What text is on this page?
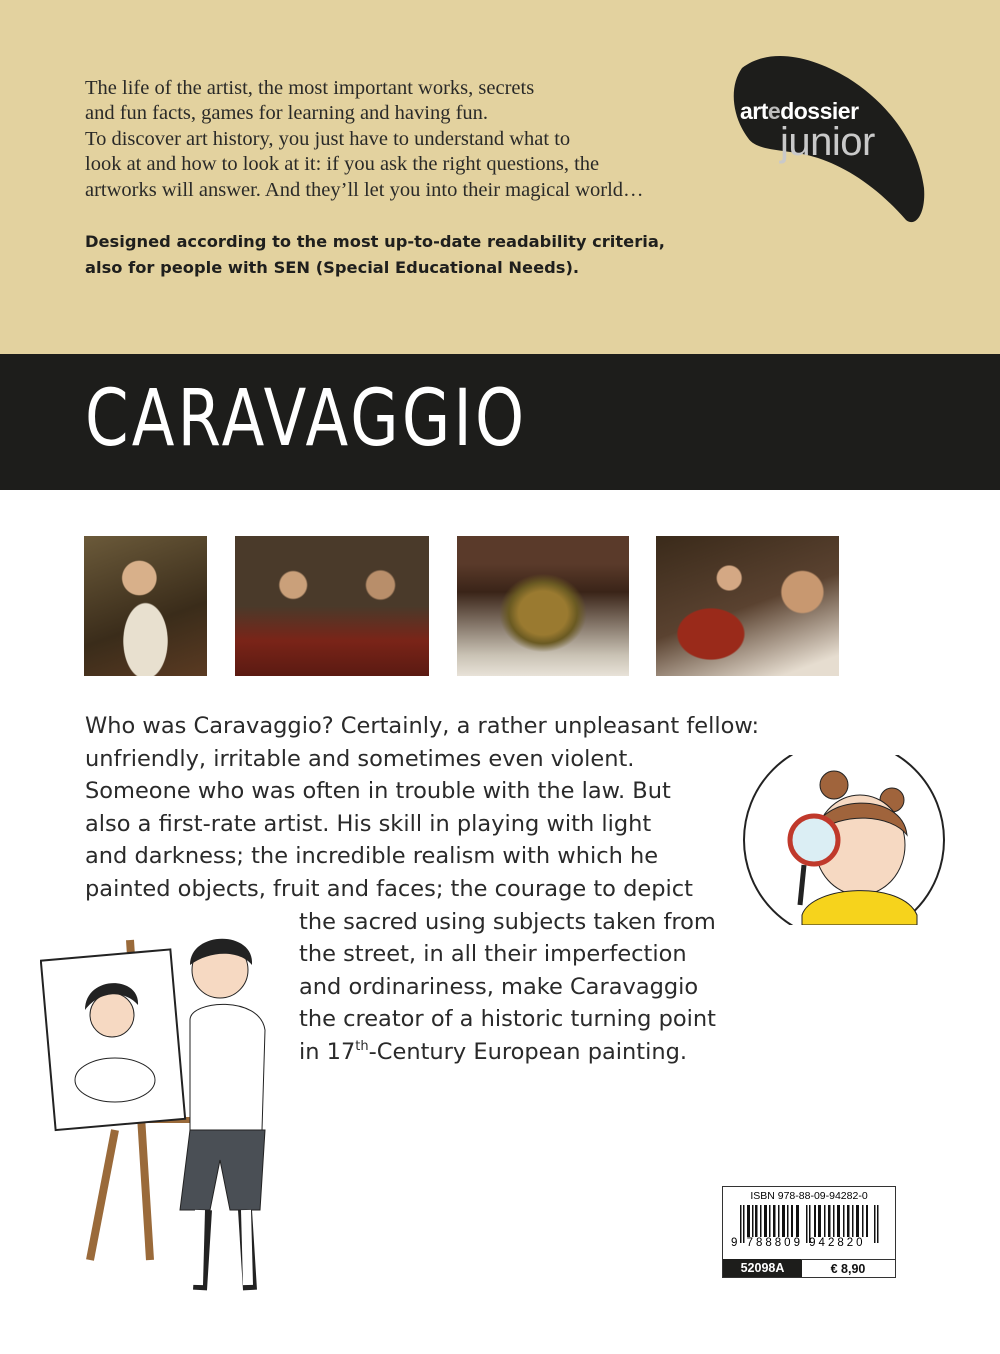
The life of the artist, the most important works, secrets
and fun facts, games for learning and having fun.
To discover art history, you just have to understand what to
look at and how to look at it: if you ask the right questions, the
artworks will answer. And they’ll let you into their magical world…
Designed according to the most up-to-date readability criteria,
also for people with SEN (Special Educational Needs).
artedossier
junior
CARAVAGGIO
Who was Caravaggio? Certainly, a rather unpleasant fellow:
unfriendly, irritable and sometimes even violent.
Someone who was often in trouble with the law. But
also a first-rate artist. His skill in playing with light
and darkness; the incredible realism with which he
painted objects, fruit and faces; the courage to depict
the sacred using subjects taken from
the street, in all their imperfection
and ordinariness, make Caravaggio
the creator of a historic turning point
in 17th-Century European painting.
ISBN 978-88-09-94282-0
9 788809 942820
52098A	€ 8,90
